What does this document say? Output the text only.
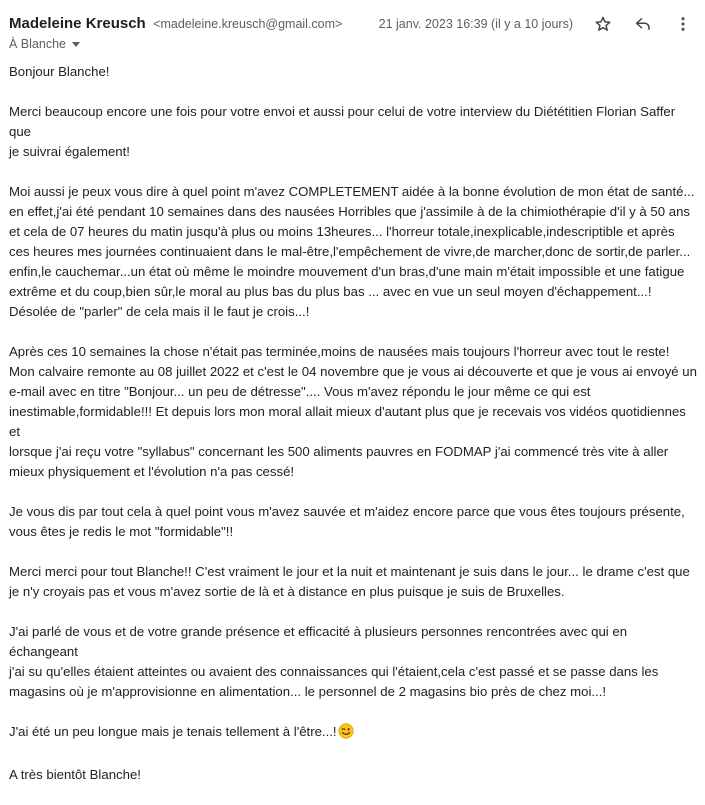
Madeleine Kreusch <madeleine.kreusch@gmail.com>
À Blanche
21 janv. 2023 16:39 (il y a 10 jours)

Bonjour Blanche!

Merci beaucoup encore une fois pour votre envoi et aussi pour celui de votre interview du Diététitien Florian Saffer que
je suivrai également!

Moi aussi je peux vous dire à quel point m'avez COMPLETEMENT aidée à la bonne évolution de mon état de santé...
en effet,j'ai été pendant 10 semaines dans des nausées Horribles que j'assimile à de la chimiothérapie d'il y à 50 ans
et cela de 07 heures du matin jusqu'à plus ou moins 13heures... l'horreur totale,inexplicable,indescriptible et après
ces heures mes journées continuaient dans le mal-être,l'empêchement de vivre,de marcher,donc de sortir,de parler...
enfin,le cauchemar...un état où même le moindre mouvement d'un bras,d'une main m'était impossible et une fatigue
extrême et du coup,bien sûr,le moral au plus bas du plus bas ... avec en vue un seul moyen d'échappement...!
Désolée de "parler" de cela mais il le faut je crois...!

Après ces 10 semaines la chose n'était pas terminée,moins de nausées mais toujours l'horreur avec tout le reste!
Mon calvaire remonte au 08 juillet 2022 et c'est le 04 novembre que je vous ai découverte et que je vous ai envoyé un
e-mail avec en titre "Bonjour... un peu de détresse".... Vous m'avez répondu le jour même ce qui est
inestimable,formidable!!! Et depuis lors mon moral allait mieux d'autant plus que je recevais vos vidéos quotidiennes et
lorsque j'ai reçu votre "syllabus" concernant les 500 aliments pauvres en FODMAP j'ai commencé très vite à aller
mieux physiquement et l'évolution n'a pas cessé!

Je vous dis par tout cela à quel point vous m'avez sauvée et m'aidez encore parce que vous êtes toujours présente,
vous êtes je redis le mot "formidable"!!

Merci merci pour tout Blanche!! C'est vraiment le jour et la nuit et maintenant je suis dans le jour... le drame c'est que
je n'y croyais pas et vous m'avez sortie de là et à distance en plus puisque je suis de Bruxelles.

J'ai parlé de vous et de votre grande présence et efficacité à plusieurs personnes rencontrées avec qui en échangeant
j'ai su qu'elles étaient atteintes ou avaient des connaissances qui l'étaient,cela c'est passé et se passe dans les
magasins où je m'approvisionne en alimentation... le personnel de 2 magasins bio près de chez moi...!

J'ai été un peu longue mais je tenais tellement à l'être...!

A très bientôt Blanche!
